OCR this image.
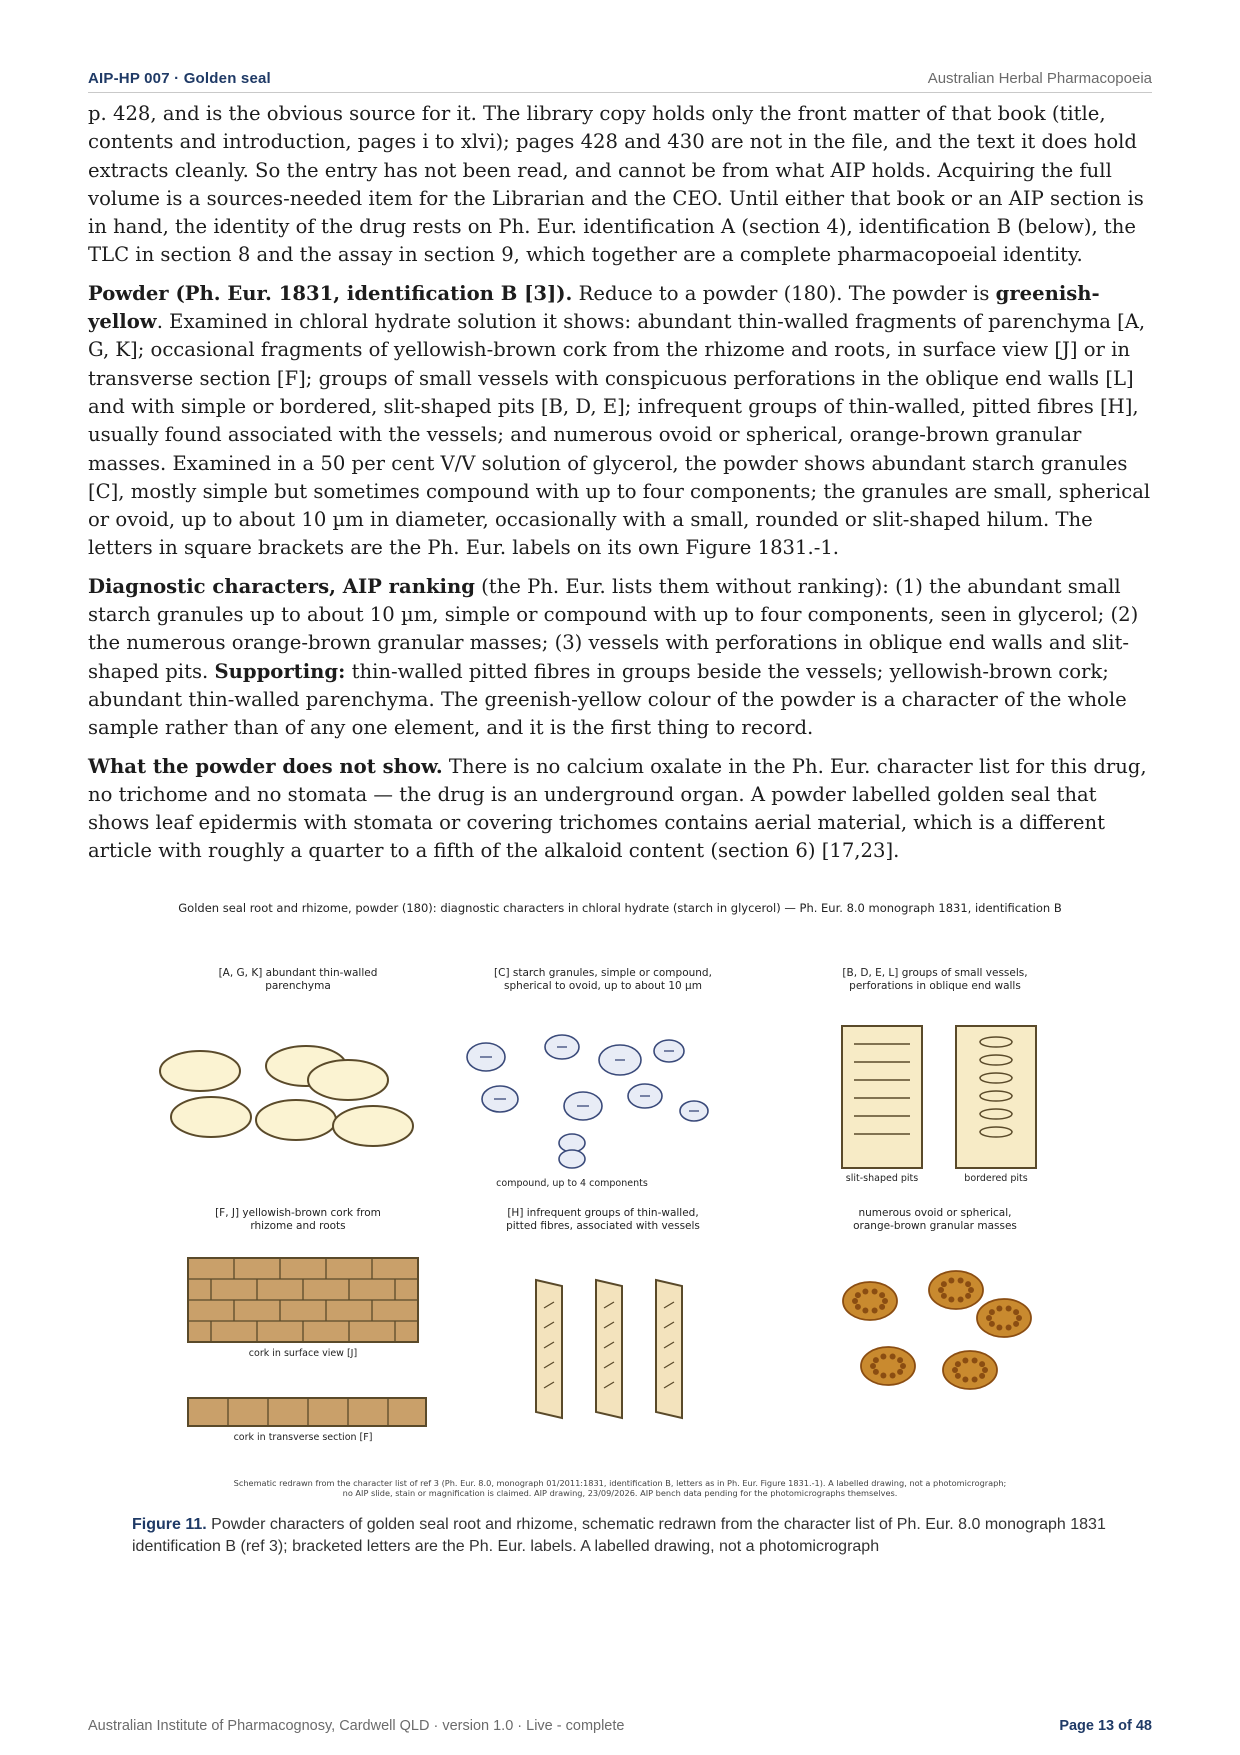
AIP-HP 007 · Golden seal	Australian Herbal Pharmacopoeia

p. 428, and is the obvious source for it. The library copy holds only the front matter of that book (title, contents and introduction, pages i to xlvi); pages 428 and 430 are not in the file, and the text it does hold extracts cleanly. So the entry has not been read, and cannot be from what AIP holds. Acquiring the full volume is a sources-needed item for the Librarian and the CEO. Until either that book or an AIP section is in hand, the identity of the drug rests on Ph. Eur. identification A (section 4), identification B (below), the TLC in section 8 and the assay in section 9, which together are a complete pharmacopoeial identity.

Powder (Ph. Eur. 1831, identification B [3]). Reduce to a powder (180). The powder is greenish-yellow. Examined in chloral hydrate solution it shows: abundant thin-walled fragments of parenchyma [A, G, K]; occasional fragments of yellowish-brown cork from the rhizome and roots, in surface view [J] or in transverse section [F]; groups of small vessels with conspicuous perforations in the oblique end walls [L] and with simple or bordered, slit-shaped pits [B, D, E]; infrequent groups of thin-walled, pitted fibres [H], usually found associated with the vessels; and numerous ovoid or spherical, orange-brown granular masses. Examined in a 50 per cent V/V solution of glycerol, the powder shows abundant starch granules [C], mostly simple but sometimes compound with up to four components; the granules are small, spherical or ovoid, up to about 10 µm in diameter, occasionally with a small, rounded or slit-shaped hilum. The letters in square brackets are the Ph. Eur. labels on its own Figure 1831.-1.

Diagnostic characters, AIP ranking (the Ph. Eur. lists them without ranking): (1) the abundant small starch granules up to about 10 µm, simple or compound with up to four components, seen in glycerol; (2) the numerous orange-brown granular masses; (3) vessels with perforations in oblique end walls and slit-shaped pits. Supporting: thin-walled pitted fibres in groups beside the vessels; yellowish-brown cork; abundant thin-walled parenchyma. The greenish-yellow colour of the powder is a character of the whole sample rather than of any one element, and it is the first thing to record.

What the powder does not show. There is no calcium oxalate in the Ph. Eur. character list for this drug, no trichome and no stomata — the drug is an underground organ. A powder labelled golden seal that shows leaf epidermis with stomata or covering trichomes contains aerial material, which is a different article with roughly a quarter to a fifth of the alkaloid content (section 6) [17,23].

Golden seal root and rhizome, powder (180): diagnostic characters in chloral hydrate (starch in glycerol) — Ph. Eur. 8.0 monograph 1831, identification B
[A, G, K] abundant thin-walled
parenchyma
[C] starch granules, simple or compound,
spherical to ovoid, up to about 10 µm
compound, up to 4 components
[B, D, E, L] groups of small vessels,
perforations in oblique end walls
slit-shaped pits	bordered pits
[F, J] yellowish-brown cork from
rhizome and roots
cork in surface view [J]
cork in transverse section [F]
[H] infrequent groups of thin-walled,
pitted fibres, associated with vessels
numerous ovoid or spherical,
orange-brown granular masses
Schematic redrawn from the character list of ref 3 (Ph. Eur. 8.0, monograph 01/2011:1831, identification B, letters as in Ph. Eur. Figure 1831.-1). A labelled drawing, not a photomicrograph;
no AIP slide, stain or magnification is claimed. AIP drawing, 23/09/2026. AIP bench data pending for the photomicrographs themselves.
Figure 11. Powder characters of golden seal root and rhizome, schematic redrawn from the character list of Ph. Eur. 8.0 monograph 1831 identification B (ref 3); bracketed letters are the Ph. Eur. labels. A labelled drawing, not a photomicrograph
Australian Institute of Pharmacognosy, Cardwell QLD · version 1.0 · Live - complete	Page 13 of 48
